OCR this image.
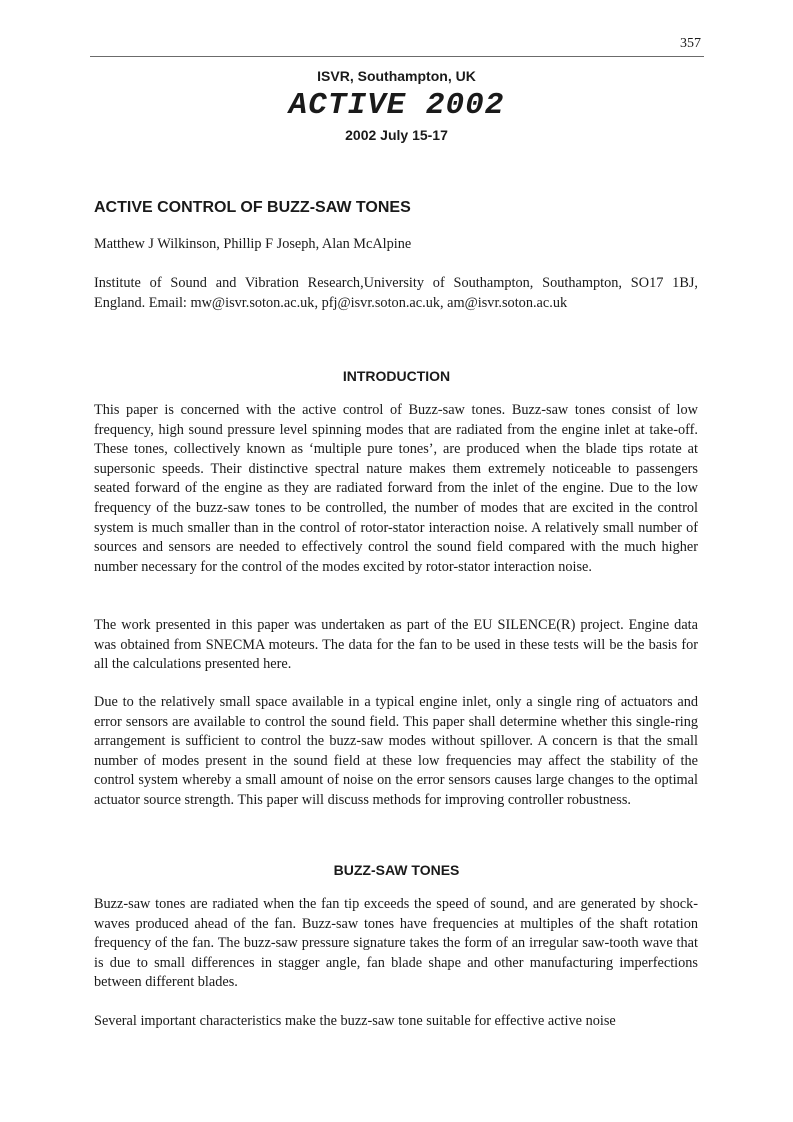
357
ISVR, Southampton, UK
ACTIVE 2002
2002 July 15-17
ACTIVE CONTROL OF BUZZ-SAW TONES
Matthew J Wilkinson, Phillip F Joseph, Alan McAlpine
Institute of Sound and Vibration Research,University of Southampton, Southampton, SO17 1BJ, England. Email: mw@isvr.soton.ac.uk, pfj@isvr.soton.ac.uk, am@isvr.soton.ac.uk
INTRODUCTION
This paper is concerned with the active control of Buzz-saw tones. Buzz-saw tones consist of low frequency, high sound pressure level spinning modes that are radiated from the engine inlet at take-off. These tones, collectively known as ‘multiple pure tones’, are produced when the blade tips rotate at supersonic speeds. Their distinctive spectral nature makes them extremely noticeable to passengers seated forward of the engine as they are radiated forward from the inlet of the engine. Due to the low frequency of the buzz-saw tones to be controlled, the number of modes that are excited in the control system is much smaller than in the control of rotor-stator interaction noise. A relatively small number of sources and sensors are needed to effectively control the sound field compared with the much higher number necessary for the control of the modes excited by rotor-stator interaction noise.
The work presented in this paper was undertaken as part of the EU SILENCE(R) project. Engine data was obtained from SNECMA moteurs. The data for the fan to be used in these tests will be the basis for all the calculations presented here.
Due to the relatively small space available in a typical engine inlet, only a single ring of actuators and error sensors are available to control the sound field. This paper shall determine whether this single-ring arrangement is sufficient to control the buzz-saw modes without spillover. A concern is that the small number of modes present in the sound field at these low frequencies may affect the stability of the control system whereby a small amount of noise on the error sensors causes large changes to the optimal actuator source strength. This paper will discuss methods for improving controller robustness.
BUZZ-SAW TONES
Buzz-saw tones are radiated when the fan tip exceeds the speed of sound, and are generated by shock-waves produced ahead of the fan. Buzz-saw tones have frequencies at multiples of the shaft rotation frequency of the fan. The buzz-saw pressure signature takes the form of an irregular saw-tooth wave that is due to small differences in stagger angle, fan blade shape and other manufacturing imperfections between different blades.
Several important characteristics make the buzz-saw tone suitable for effective active noise
